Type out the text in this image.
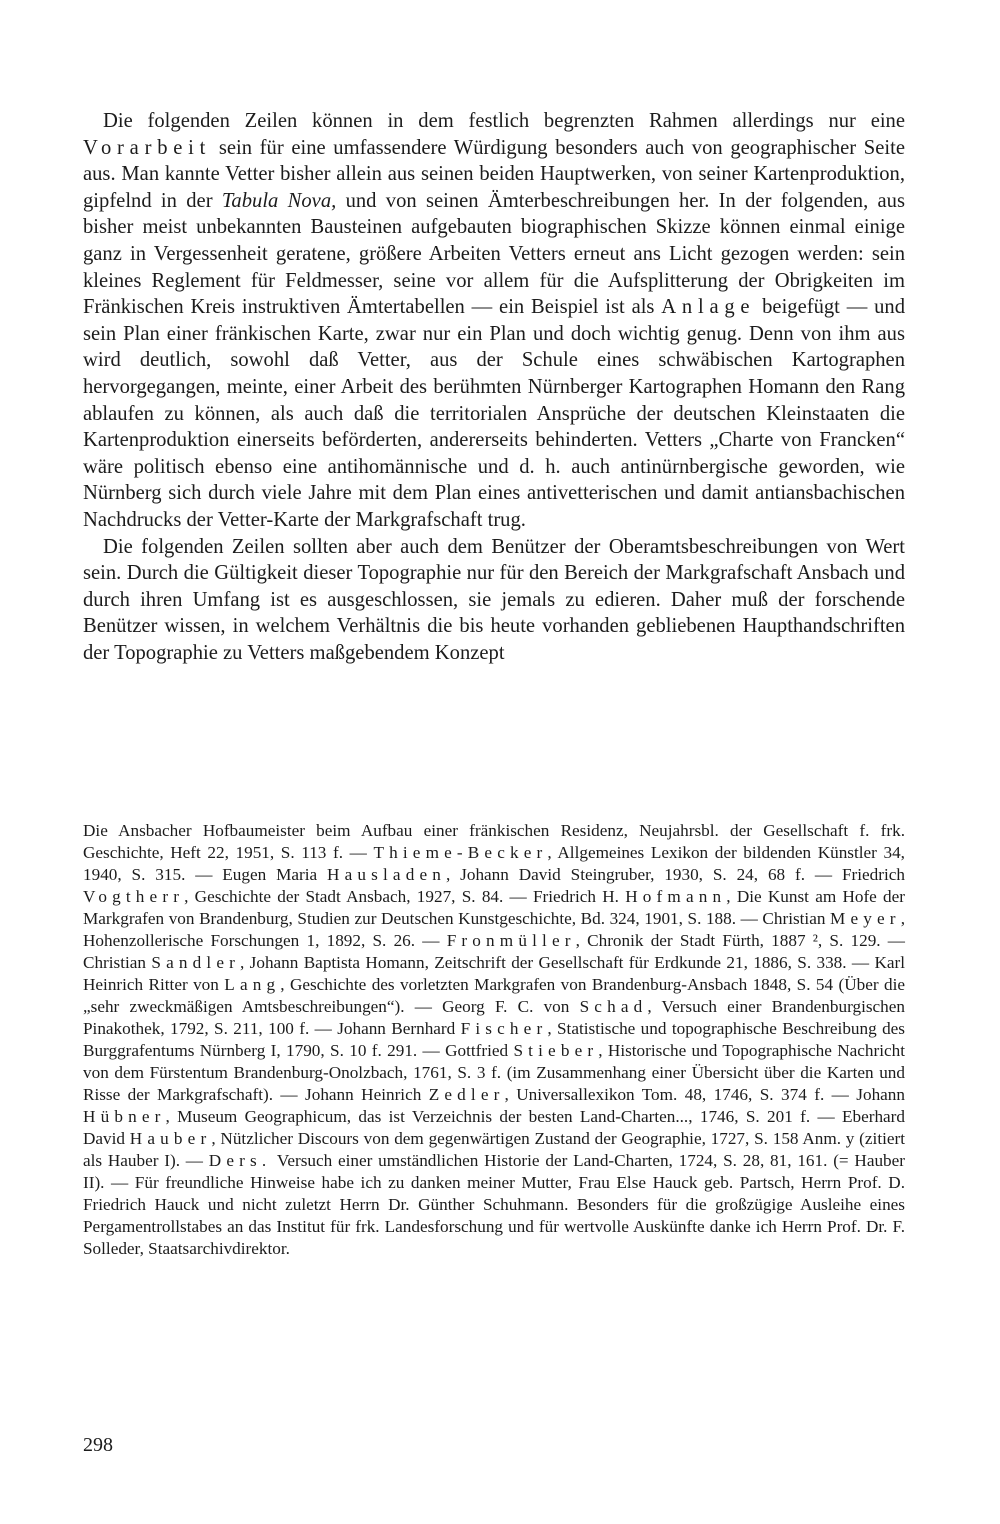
Die folgenden Zeilen können in dem festlich begrenzten Rahmen allerdings nur eine Vorarbeit sein für eine umfassendere Würdigung besonders auch von geographischer Seite aus. Man kannte Vetter bisher allein aus seinen beiden Hauptwerken, von seiner Kartenproduktion, gipfelnd in der Tabula Nova, und von seinen Ämterbeschreibungen her. In der folgenden, aus bisher meist unbekannten Bausteinen aufgebauten biographischen Skizze können einmal einige ganz in Vergessenheit geratene, größere Arbeiten Vetters erneut ans Licht gezogen werden: sein kleines Reglement für Feldmesser, seine vor allem für die Aufsplitterung der Obrigkeiten im Fränkischen Kreis instruktiven Ämtertabellen — ein Beispiel ist als Anlage beigefügt — und sein Plan einer fränkischen Karte, zwar nur ein Plan und doch wichtig genug. Denn von ihm aus wird deutlich, sowohl daß Vetter, aus der Schule eines schwäbischen Kartographen hervorgegangen, meinte, einer Arbeit des berühmten Nürnberger Kartographen Homann den Rang ablaufen zu können, als auch daß die territorialen Ansprüche der deutschen Kleinstaaten die Kartenproduktion einerseits beförderten, andererseits behinderten. Vetters „Charte von Francken“ wäre politisch ebenso eine antihomännische und d. h. auch antinürnbergische geworden, wie Nürnberg sich durch viele Jahre mit dem Plan eines antivetterischen und damit antiansbachischen Nachdrucks der Vetter-Karte der Markgrafschaft trug.

Die folgenden Zeilen sollten aber auch dem Benützer der Oberamtsbeschreibungen von Wert sein. Durch die Gültigkeit dieser Topographie nur für den Bereich der Markgrafschaft Ansbach und durch ihren Umfang ist es ausgeschlossen, sie jemals zu edieren. Daher muß der forschende Benützer wissen, in welchem Verhältnis die bis heute vorhanden gebliebenen Haupthandschriften der Topographie zu Vetters maßgebendem Konzept

Die Ansbacher Hofbaumeister beim Aufbau einer fränkischen Residenz, Neujahrsbl. der Gesellschaft f. frk. Geschichte, Heft 22, 1951, S. 113 f. — Thieme-Becker, Allgemeines Lexikon der bildenden Künstler 34, 1940, S. 315. — Eugen Maria Hausladen, Johann David Steingruber, 1930, S. 24, 68 f. — Friedrich Vogtherr, Geschichte der Stadt Ansbach, 1927, S. 84. — Friedrich H. Hofmann, Die Kunst am Hofe der Markgrafen von Brandenburg, Studien zur Deutschen Kunstgeschichte, Bd. 324, 1901, S. 188. — Christian Meyer, Hohenzollerische Forschungen 1, 1892, S. 26. — Fronmüller, Chronik der Stadt Fürth, 1887 ², S. 129. — Christian Sandler, Johann Baptista Homann, Zeitschrift der Gesellschaft für Erdkunde 21, 1886, S. 338. — Karl Heinrich Ritter von Lang, Geschichte des vorletzten Markgrafen von Brandenburg-Ansbach 1848, S. 54 (Über die „sehr zweckmäßigen Amtsbeschreibungen“). — Georg F. C. von Schad, Versuch einer Brandenburgischen Pinakothek, 1792, S. 211, 100 f. — Johann Bernhard Fischer, Statistische und topographische Beschreibung des Burggrafentums Nürnberg I, 1790, S. 10 f. 291. — Gottfried Stieber, Historische und Topographische Nachricht von dem Fürstentum Brandenburg-Onolzbach, 1761, S. 3 f. (im Zusammenhang einer Übersicht über die Karten und Risse der Markgrafschaft). — Johann Heinrich Zedler, Universallexikon Tom. 48, 1746, S. 374 f. — Johann Hübner, Museum Geographicum, das ist Verzeichnis der besten Land-Charten..., 1746, S. 201 f. — Eberhard David Hauber, Nützlicher Discours von dem gegenwärtigen Zustand der Geographie, 1727, S. 158 Anm. y (zitiert als Hauber I). — Ders. Versuch einer umständlichen Historie der Land-Charten, 1724, S. 28, 81, 161. (= Hauber II). — Für freundliche Hinweise habe ich zu danken meiner Mutter, Frau Else Hauck geb. Partsch, Herrn Prof. D. Friedrich Hauck und nicht zuletzt Herrn Dr. Günther Schuhmann. Besonders für die großzügige Ausleihe eines Pergamentrollstabes an das Institut für frk. Landesforschung und für wertvolle Auskünfte danke ich Herrn Prof. Dr. F. Solleder, Staatsarchivdirektor.
298
